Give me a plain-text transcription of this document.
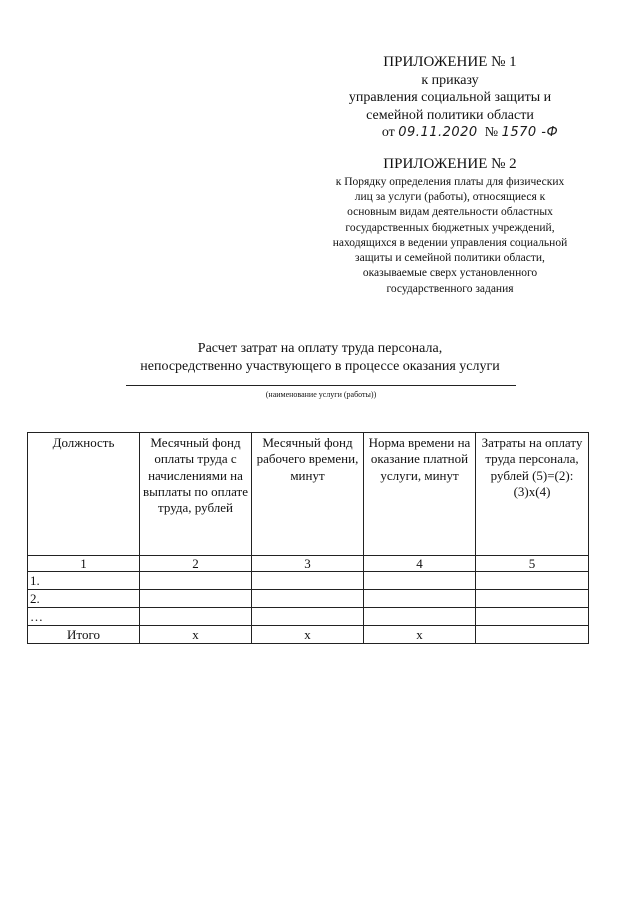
ПРИЛОЖЕНИЕ № 1
к приказу
управления социальной защиты и
семейной политики области
от 09.11.2020 № 1570 -Ф
ПРИЛОЖЕНИЕ № 2
к Порядку определения платы для физических
лиц за услуги (работы), относящиеся к
основным видам деятельности областных
государственных бюджетных учреждений,
находящихся в ведении управления социальной
защиты и семейной политики области,
оказываемые сверх установленного
государственного задания
Расчет затрат на оплату труда персонала,
непосредственно участвующего в процессе оказания услуги
(наименование услуги (работы))
Должность	Месячный фонд оплаты труда с начислениями на выплаты по оплате труда, рублей	Месячный фонд рабочего времени, минут	Норма времени на оказание платной услуги, минут	Затраты на оплату труда персонала, рублей (5)=(2):(3)х(4)
1	2	3	4	5
1.				
2.				
…				
Итого	х	х	х	
